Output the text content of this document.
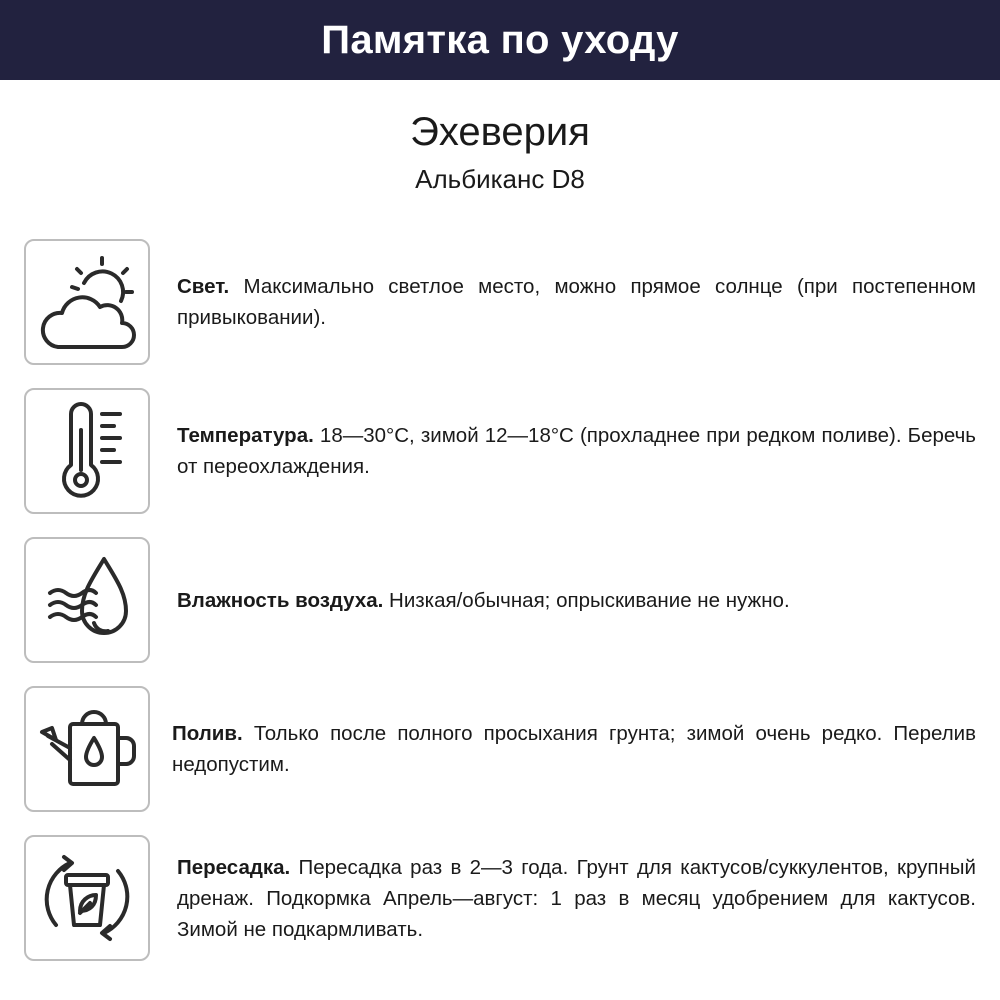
Памятка по уходу
Эхеверия
Альбиканс D8

Свет. Максимально светлое место, можно прямое солнце (при постепенном привыковании).

Температура. 18—30°C, зимой 12—18°C (прохладнее при редком поливе). Беречь от переохлаждения.

Влажность воздуха. Низкая/обычная; опрыскивание не нужно.

Полив. Только после полного просыхания грунта; зимой очень редко. Перелив недопустим.

Пересадка. Пересадка раз в 2—3 года. Грунт для кактусов/суккулентов, крупный дренаж. Подкормка Апрель—август: 1 раз в месяц удобрением для кактусов. Зимой не подкармливать.
